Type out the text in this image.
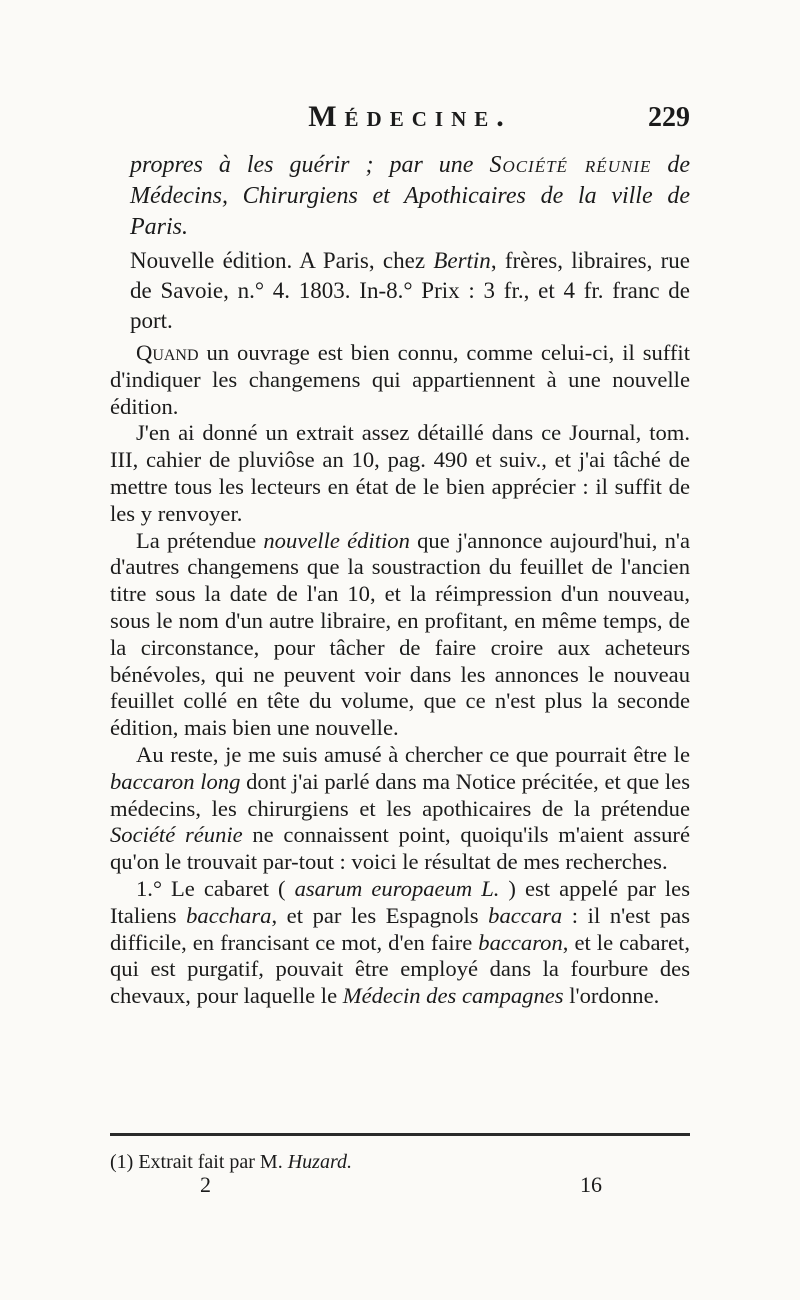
Médecine.	229
propres à les guérir ; par une Société réunie de Médecins, Chirurgiens et Apothicaires de la ville de Paris.
Nouvelle édition. A Paris, chez Bertin, frères, libraires, rue de Savoie, n.° 4. 1803. In-8.° Prix : 3 fr., et 4 fr. franc de port.

Quand un ouvrage est bien connu, comme celui-ci, il suffit d'indiquer les changemens qui appartiennent à une nouvelle édition.

J'en ai donné un extrait assez détaillé dans ce Journal, tom. III, cahier de pluviôse an 10, pag. 490 et suiv., et j'ai tâché de mettre tous les lecteurs en état de le bien apprécier : il suffit de les y renvoyer.

La prétendue nouvelle édition que j'annonce aujourd'hui, n'a d'autres changemens que la soustraction du feuillet de l'ancien titre sous la date de l'an 10, et la réimpression d'un nouveau, sous le nom d'un autre libraire, en profitant, en même temps, de la circonstance, pour tâcher de faire croire aux acheteurs bénévoles, qui ne peuvent voir dans les annonces le nouveau feuillet collé en tête du volume, que ce n'est plus la seconde édition, mais bien une nouvelle.

Au reste, je me suis amusé à chercher ce que pourrait être le baccaron long dont j'ai parlé dans ma Notice précitée, et que les médecins, les chirurgiens et les apothicaires de la prétendue Société réunie ne connaissent point, quoiqu'ils m'aient assuré qu'on le trouvait par-tout : voici le résultat de mes recherches.

1.° Le cabaret ( asarum europaeum L. ) est appelé par les Italiens bacchara, et par les Espagnols baccara : il n'est pas difficile, en francisant ce mot, d'en faire baccaron, et le cabaret, qui est purgatif, pouvait être employé dans la fourbure des chevaux, pour laquelle le Médecin des campagnes l'ordonne.

(1) Extrait fait par M. Huzard.
2	16
